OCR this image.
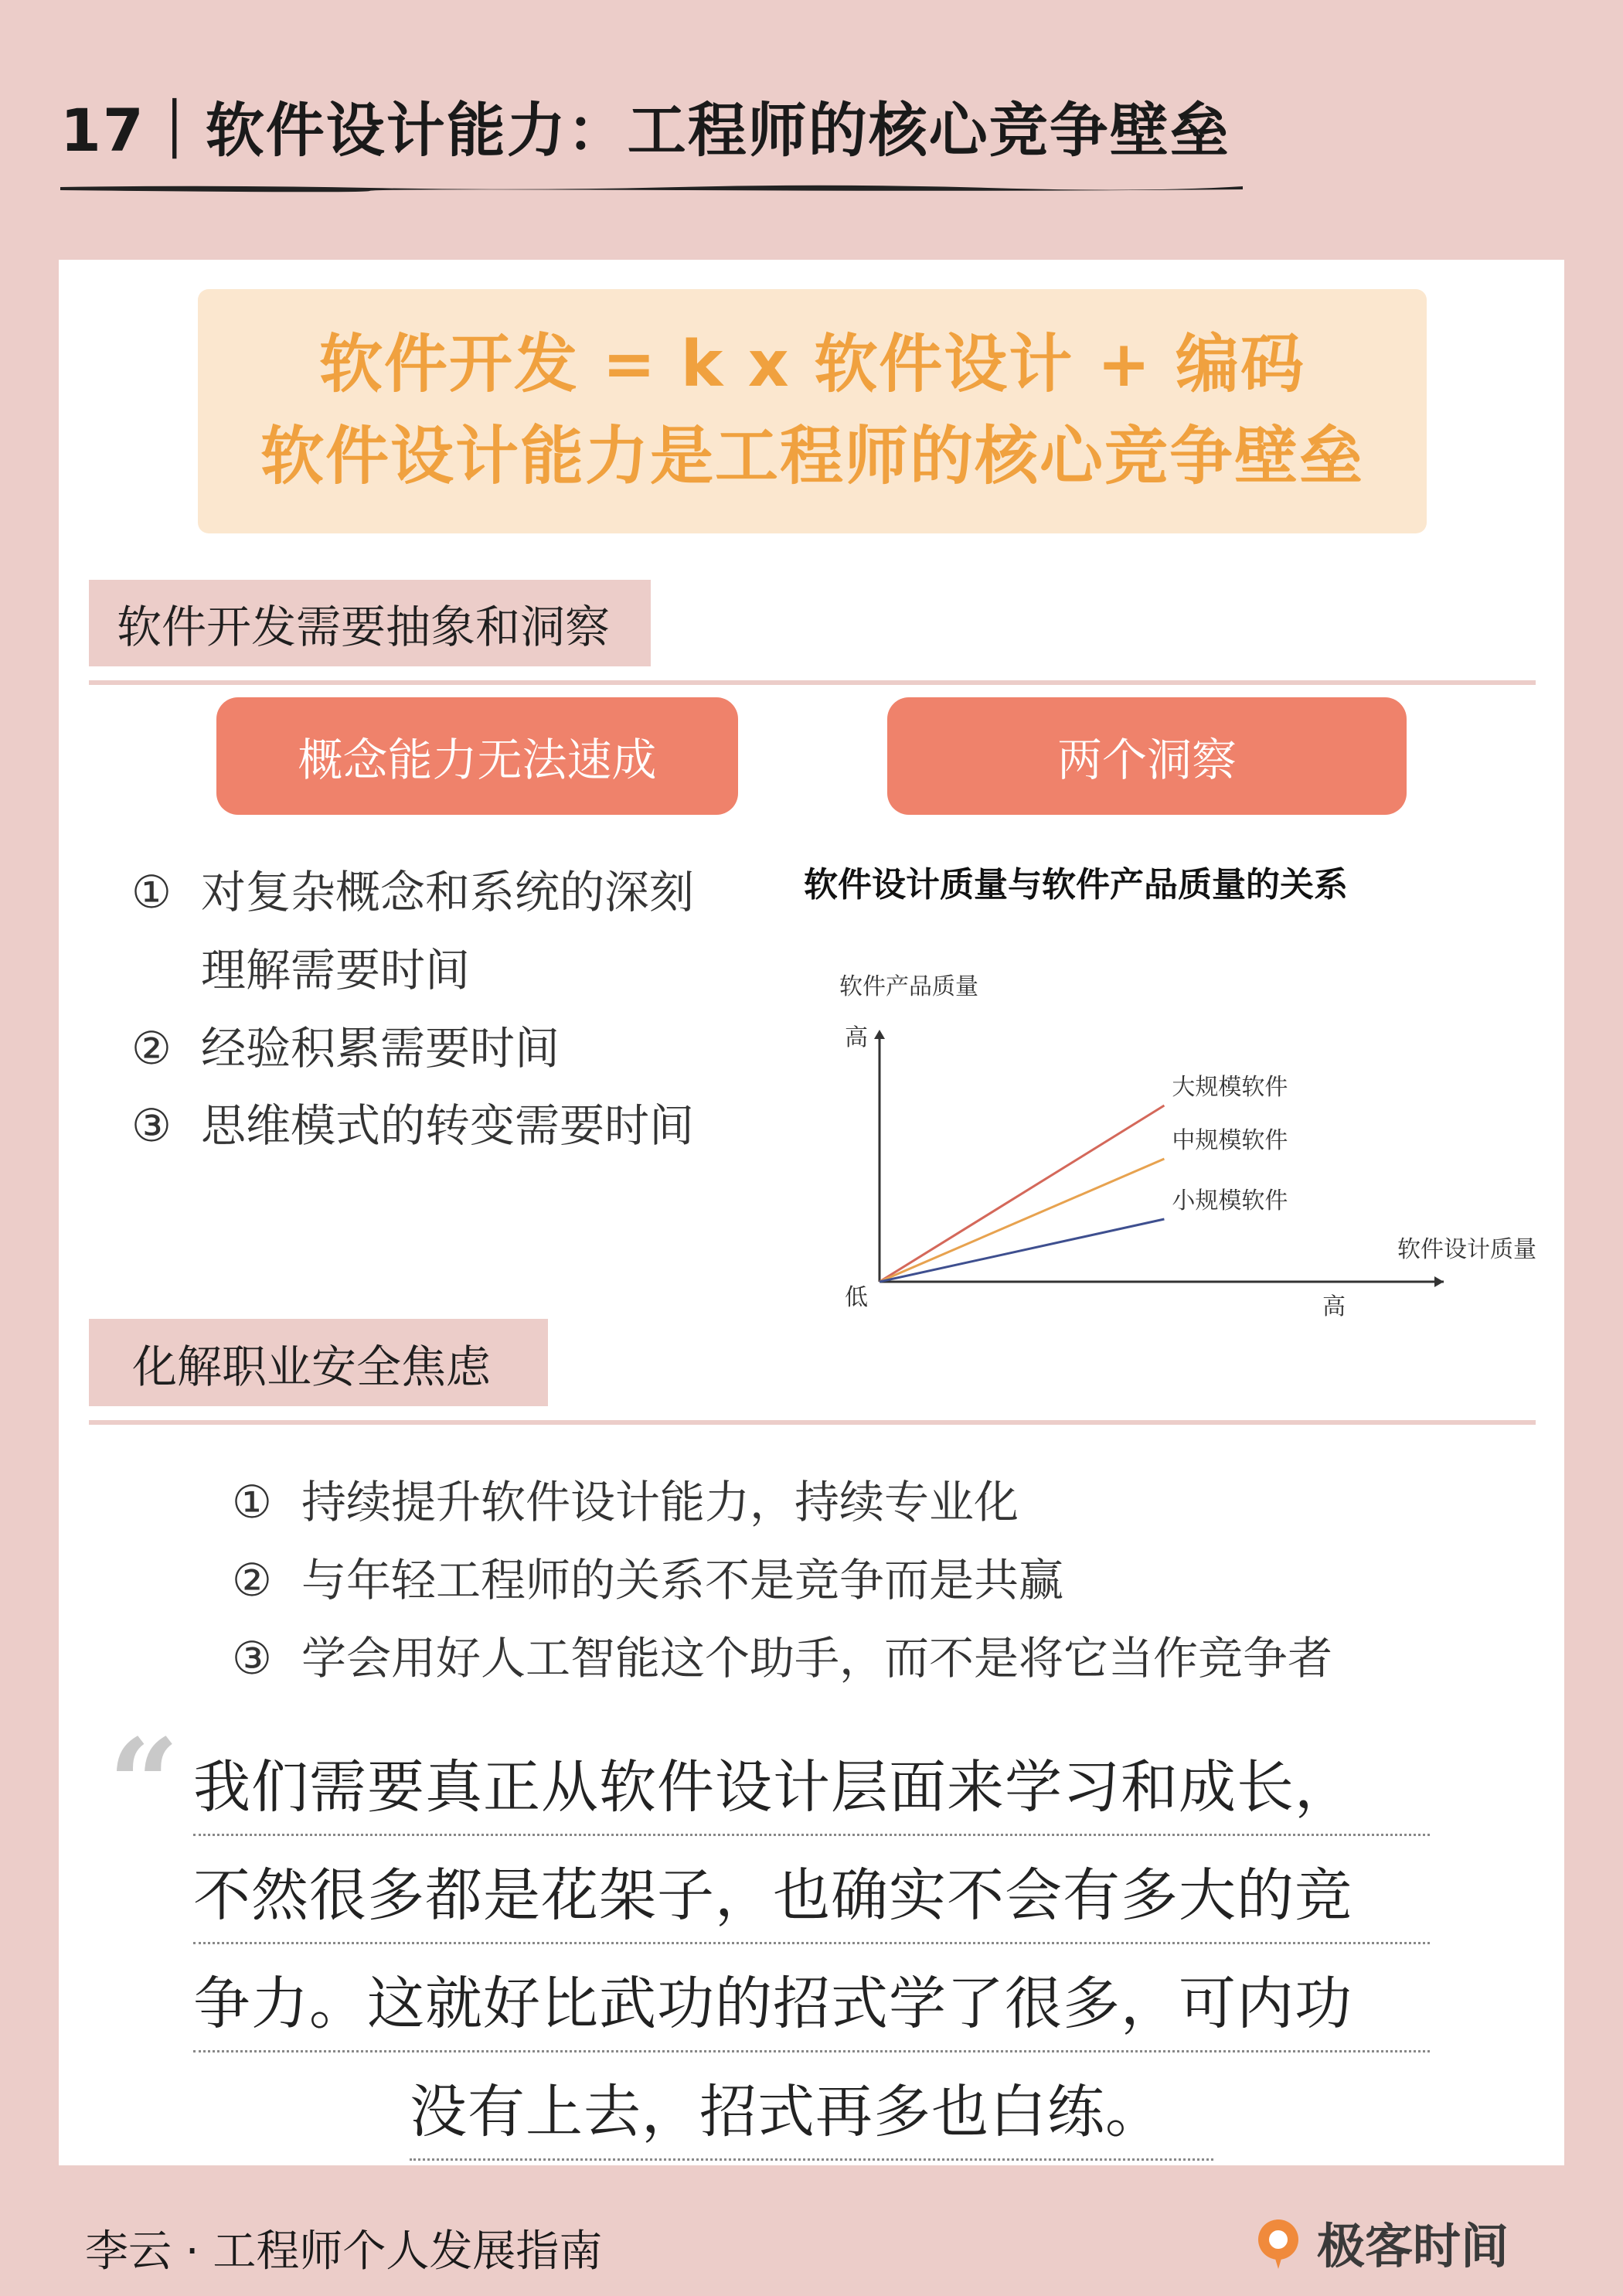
17｜软件设计能力：工程师的核心竞争壁垒
软件开发 = k x 软件设计 + 编码
软件设计能力是工程师的核心竞争壁垒
软件开发需要抽象和洞察
概念能力无法速成	两个洞察
① 对复杂概念和系统的深刻
理解需要时间
② 经验积累需要时间
③ 思维模式的转变需要时间
软件设计质量与软件产品质量的关系
软件产品质量
高
低
软件设计质量
高
大规模软件
中规模软件
小规模软件
化解职业安全焦虑
① 持续提升软件设计能力，持续专业化
② 与年轻工程师的关系不是竞争而是共赢
③ 学会用好人工智能这个助手，而不是将它当作竞争者
“ 我们需要真正从软件设计层面来学习和成长，
不然很多都是花架子，也确实不会有多大的竞
争力。这就好比武功的招式学了很多，可内功
没有上去，招式再多也白练。
李云 · 工程师个人发展指南	极客时间
